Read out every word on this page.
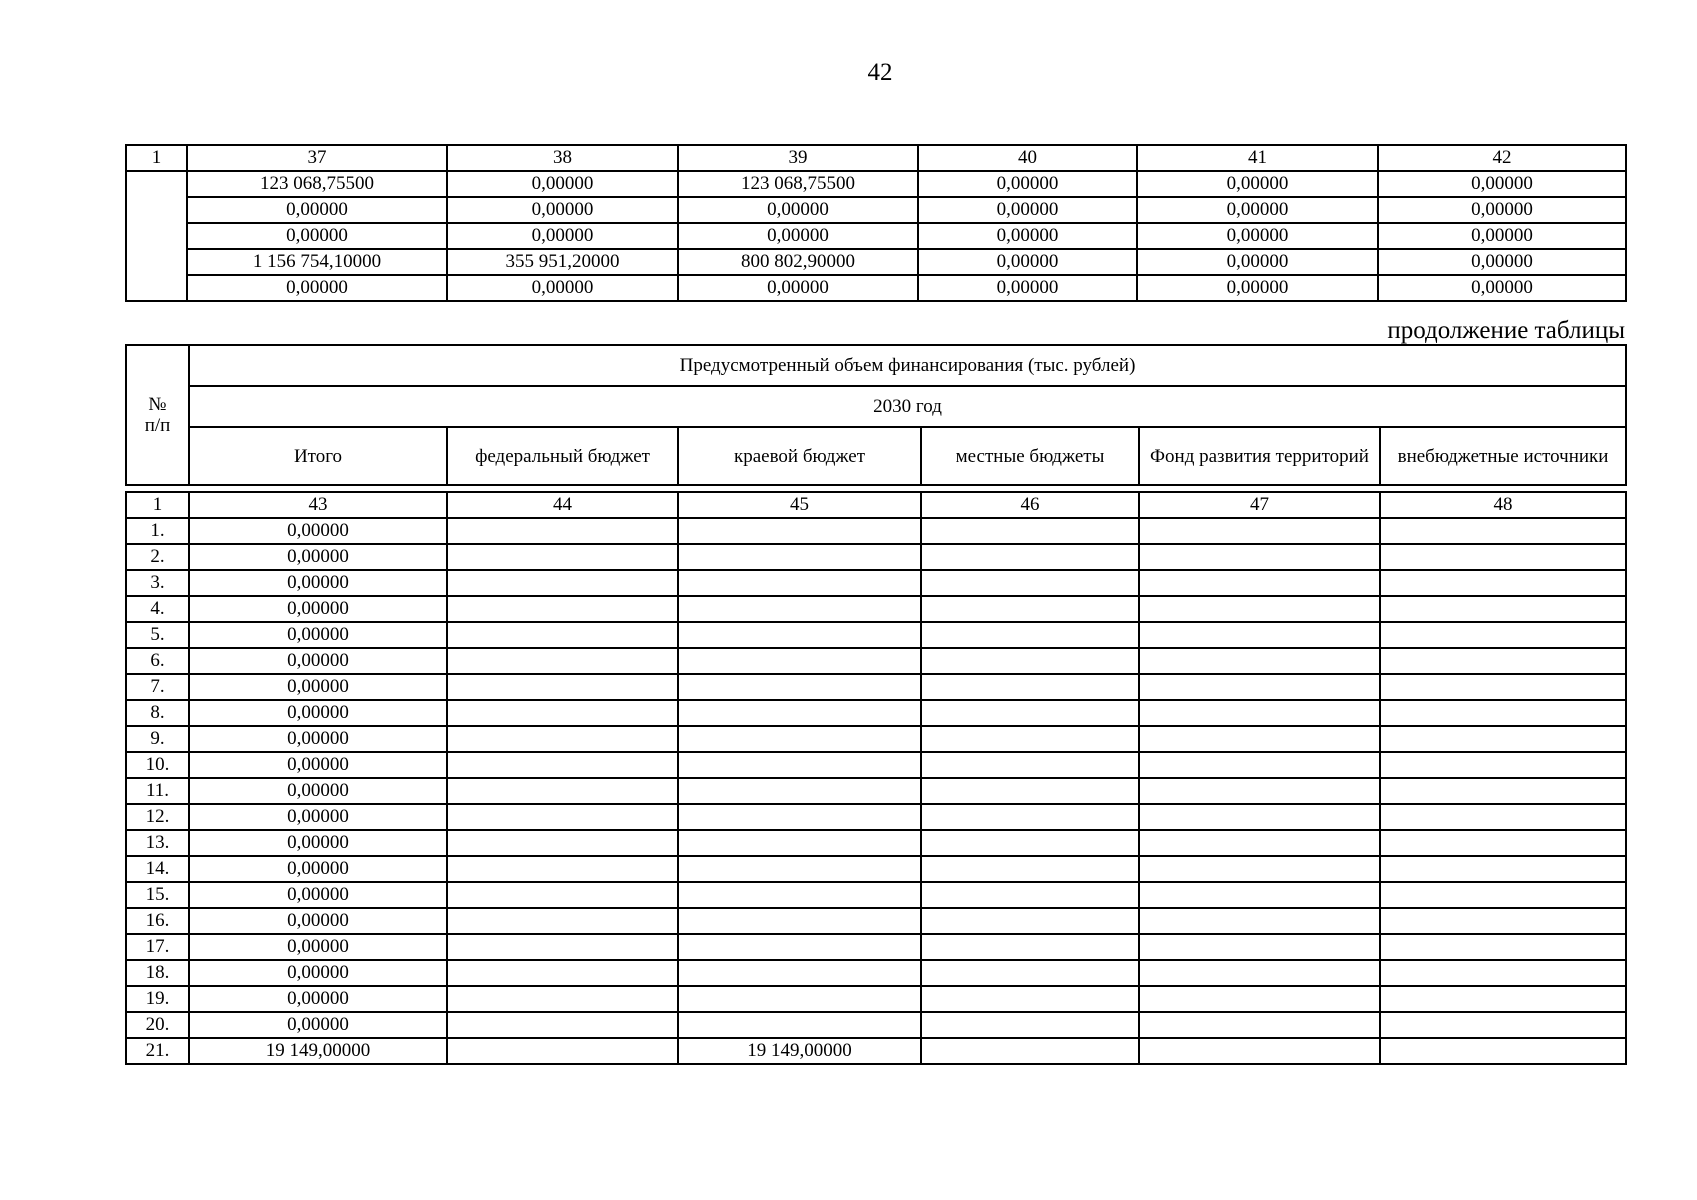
42
1	37	38	39	40	41	42
	123 068,75500	0,00000	123 068,75500	0,00000	0,00000	0,00000
	0,00000	0,00000	0,00000	0,00000	0,00000	0,00000
	0,00000	0,00000	0,00000	0,00000	0,00000	0,00000
	1 156 754,10000	355 951,20000	800 802,90000	0,00000	0,00000	0,00000
	0,00000	0,00000	0,00000	0,00000	0,00000	0,00000
продолжение таблицы
№
п/п	Предусмотренный объем финансирования (тыс. рублей)					
	2030 год					
	Итого	федеральный бюджет	краевой бюджет	местные бюджеты	Фонд развития территорий	внебюджетные источники
1	43	44	45	46	47	48
1.	0,00000					
2.	0,00000					
3.	0,00000					
4.	0,00000					
5.	0,00000					
6.	0,00000					
7.	0,00000					
8.	0,00000					
9.	0,00000					
10.	0,00000					
11.	0,00000					
12.	0,00000					
13.	0,00000					
14.	0,00000					
15.	0,00000					
16.	0,00000					
17.	0,00000					
18.	0,00000					
19.	0,00000					
20.	0,00000					
21.	19 149,00000		19 149,00000			
